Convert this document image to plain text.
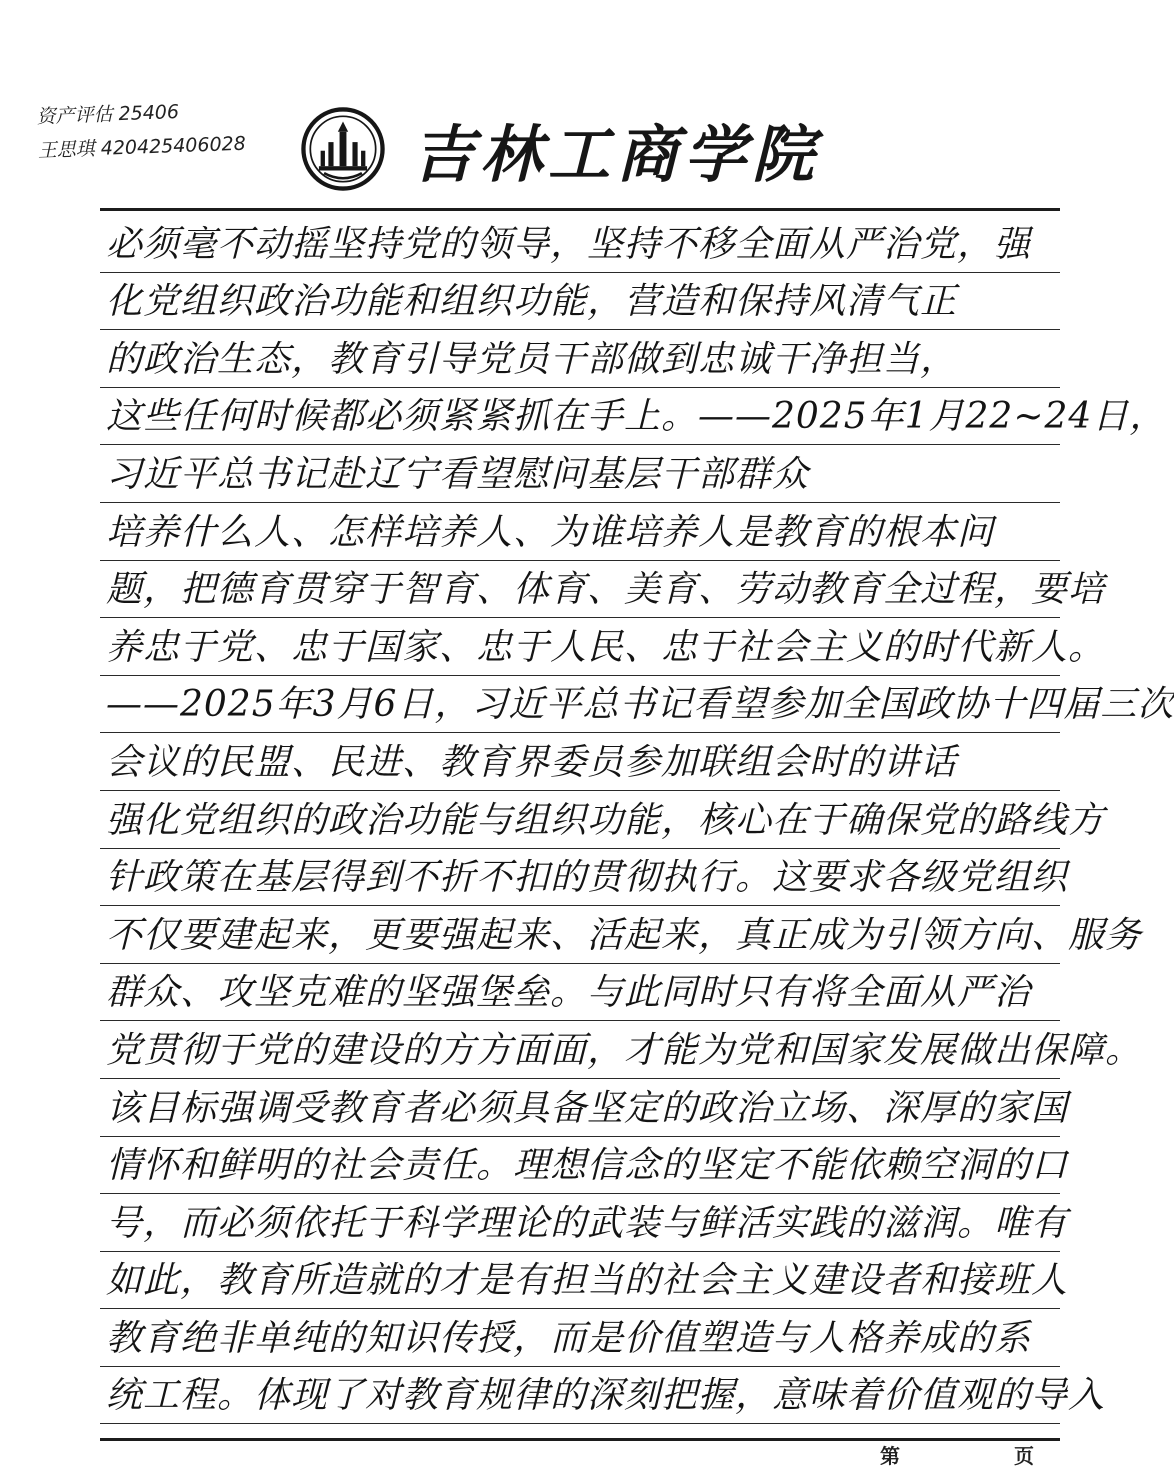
资产评估 25406
王思琪 420425406028	吉林工商学院
必须毫不动摇坚持党的领导，坚持不移全面从严治党，强
化党组织政治功能和组织功能，营造和保持风清气正
的政治生态，教育引导党员干部做到忠诚干净担当，
这些任何时候都必须紧紧抓在手上。——2025年1月22~24日，
习近平总书记赴辽宁看望慰问基层干部群众
培养什么人、怎样培养人、为谁培养人是教育的根本问
题，把德育贯穿于智育、体育、美育、劳动教育全过程，要培
养忠于党、忠于国家、忠于人民、忠于社会主义的时代新人。
——2025年3月6日，习近平总书记看望参加全国政协十四届三次
会议的民盟、民进、教育界委员参加联组会时的讲话
强化党组织的政治功能与组织功能，核心在于确保党的路线方
针政策在基层得到不折不扣的贯彻执行。这要求各级党组织
不仅要建起来，更要强起来、活起来，真正成为引领方向、服务
群众、攻坚克难的坚强堡垒。与此同时只有将全面从严治
党贯彻于党的建设的方方面面，才能为党和国家发展做出保障。
该目标强调受教育者必须具备坚定的政治立场、深厚的家国
情怀和鲜明的社会责任。理想信念的坚定不能依赖空洞的口
号，而必须依托于科学理论的武装与鲜活实践的滋润。唯有
如此，教育所造就的才是有担当的社会主义建设者和接班人
教育绝非单纯的知识传授，而是价值塑造与人格养成的系
统工程。体现了对教育规律的深刻把握，意味着价值观的导入
第	页
